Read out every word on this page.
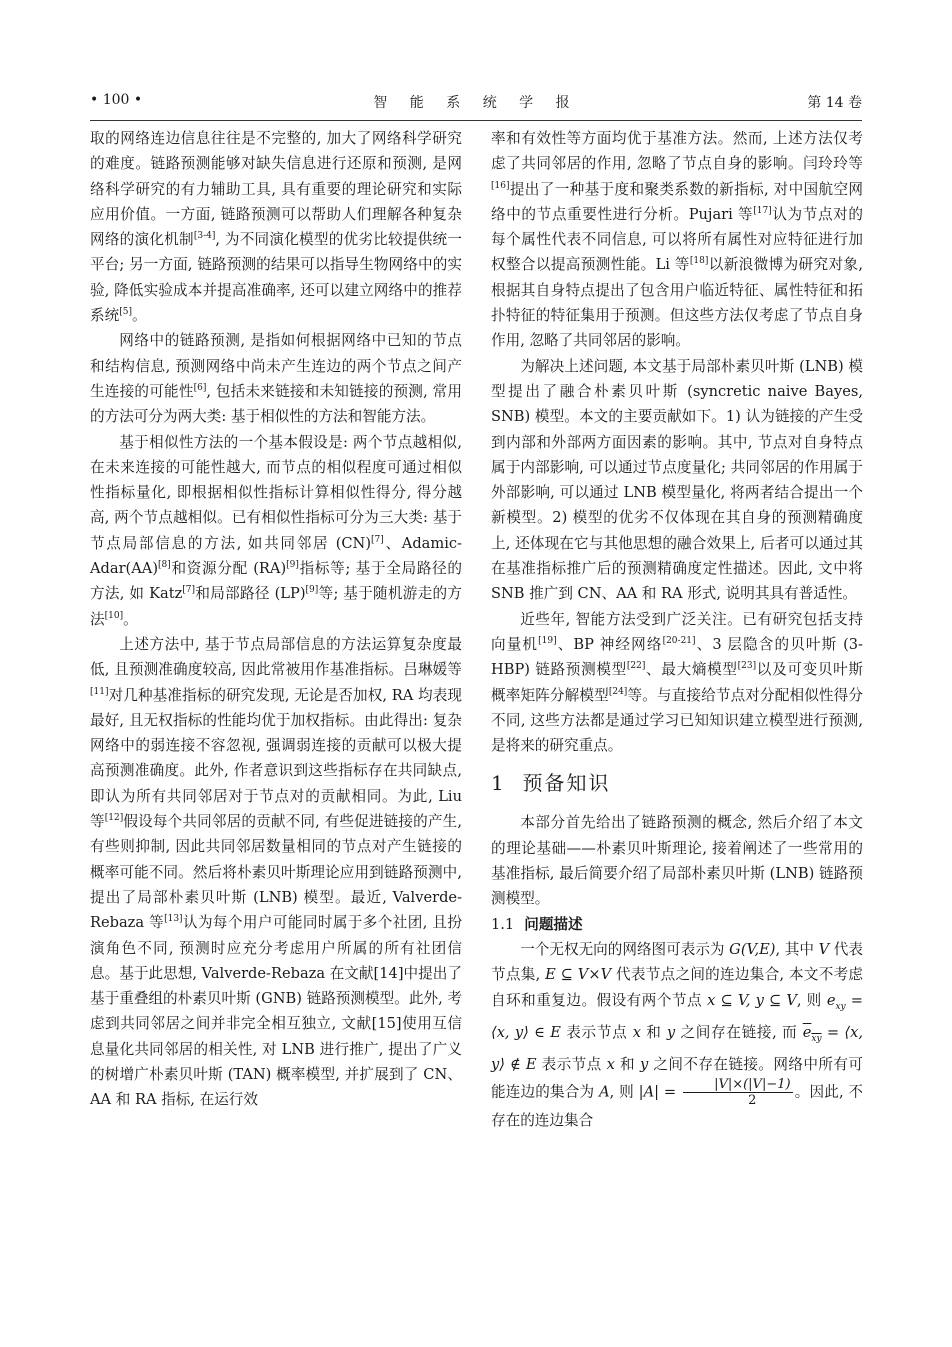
• 100 •	智 能 系 统 学 报	第 14 卷

取的网络连边信息往往是不完整的, 加大了网络科学研究的难度。链路预测能够对缺失信息进行还原和预测, 是网络科学研究的有力辅助工具, 具有重要的理论研究和实际应用价值。一方面, 链路预测可以帮助人们理解各种复杂网络的演化机制[3-4], 为不同演化模型的优劣比较提供统一平台; 另一方面, 链路预测的结果可以指导生物网络中的实验, 降低实验成本并提高准确率, 还可以建立网络中的推荐系统[5]。

网络中的链路预测, 是指如何根据网络中已知的节点和结构信息, 预测网络中尚未产生连边的两个节点之间产生连接的可能性[6], 包括未来链接和未知链接的预测, 常用的方法可分为两大类: 基于相似性的方法和智能方法。

基于相似性方法的一个基本假设是: 两个节点越相似, 在未来连接的可能性越大, 而节点的相似程度可通过相似性指标量化, 即根据相似性指标计算相似性得分, 得分越高, 两个节点越相似。已有相似性指标可分为三大类: 基于节点局部信息的方法, 如共同邻居 (CN)[7]、Adamic-Adar(AA)[8]和资源分配 (RA)[9]指标等; 基于全局路径的方法, 如 Katz[7]和局部路径 (LP)[9]等; 基于随机游走的方法[10]。

上述方法中, 基于节点局部信息的方法运算复杂度最低, 且预测准确度较高, 因此常被用作基准指标。吕琳媛等[11]对几种基准指标的研究发现, 无论是否加权, RA 均表现最好, 且无权指标的性能均优于加权指标。由此得出: 复杂网络中的弱连接不容忽视, 强调弱连接的贡献可以极大提高预测准确度。此外, 作者意识到这些指标存在共同缺点, 即认为所有共同邻居对于节点对的贡献相同。为此, Liu 等[12]假设每个共同邻居的贡献不同, 有些促进链接的产生, 有些则抑制, 因此共同邻居数量相同的节点对产生链接的概率可能不同。然后将朴素贝叶斯理论应用到链路预测中, 提出了局部朴素贝叶斯 (LNB) 模型。最近, Valverde-Rebaza 等[13]认为每个用户可能同时属于多个社团, 且扮演角色不同, 预测时应充分考虑用户所属的所有社团信息。基于此思想, Valverde-Rebaza 在文献[14]中提出了基于重叠组的朴素贝叶斯 (GNB) 链路预测模型。此外, 考虑到共同邻居之间并非完全相互独立, 文献[15]使用互信息量化共同邻居的相关性, 对 LNB 进行推广, 提出了广义的树增广朴素贝叶斯 (TAN) 概率模型, 并扩展到了 CN、AA 和 RA 指标, 在运行效

率和有效性等方面均优于基准方法。然而, 上述方法仅考虑了共同邻居的作用, 忽略了节点自身的影响。闫玲玲等[16]提出了一种基于度和聚类系数的新指标, 对中国航空网络中的节点重要性进行分析。Pujari 等[17]认为节点对的每个属性代表不同信息, 可以将所有属性对应特征进行加权整合以提高预测性能。Li 等[18]以新浪微博为研究对象, 根据其自身特点提出了包含用户临近特征、属性特征和拓扑特征的特征集用于预测。但这些方法仅考虑了节点自身作用, 忽略了共同邻居的影响。

为解决上述问题, 本文基于局部朴素贝叶斯 (LNB) 模型提出了融合朴素贝叶斯 (syncretic naive Bayes, SNB) 模型。本文的主要贡献如下。1) 认为链接的产生受到内部和外部两方面因素的影响。其中, 节点对自身特点属于内部影响, 可以通过节点度量化; 共同邻居的作用属于外部影响, 可以通过 LNB 模型量化, 将两者结合提出一个新模型。2) 模型的优劣不仅体现在其自身的预测精确度上, 还体现在它与其他思想的融合效果上, 后者可以通过其在基准指标推广后的预测精确度定性描述。因此, 文中将 SNB 推广到 CN、AA 和 RA 形式, 说明其具有普适性。

近些年, 智能方法受到广泛关注。已有研究包括支持向量机[19]、BP 神经网络[20-21]、3 层隐含的贝叶斯 (3-HBP) 链路预测模型[22]、最大熵模型[23]以及可变贝叶斯概率矩阵分解模型[24]等。与直接给节点对分配相似性得分不同, 这些方法都是通过学习已知知识建立模型进行预测, 是将来的研究重点。

1 预备知识

本部分首先给出了链路预测的概念, 然后介绍了本文的理论基础——朴素贝叶斯理论, 接着阐述了一些常用的基准指标, 最后简要介绍了局部朴素贝叶斯 (LNB) 链路预测模型。

1.1 问题描述

一个无权无向的网络图可表示为 G(V,E), 其中 V 代表节点集, E ⊆ V×V 代表节点之间的连边集合, 本文不考虑自环和重复边。假设有两个节点 x ⊆ V, y ⊆ V, 则 $e_{xy}$ = ⟨x, y⟩ ∈ E 表示节点 x 和 y 之间存在链接, 而 $e_{xy}$ = ⟨x, y⟩ ∉ E 表示节点 x 和 y 之间不存在链接。网络中所有可能连边的集合为 A, 则 $|A| = \frac{|V|\times(|V|-1)}{2}$ 。因此, 不存在的连边集合
